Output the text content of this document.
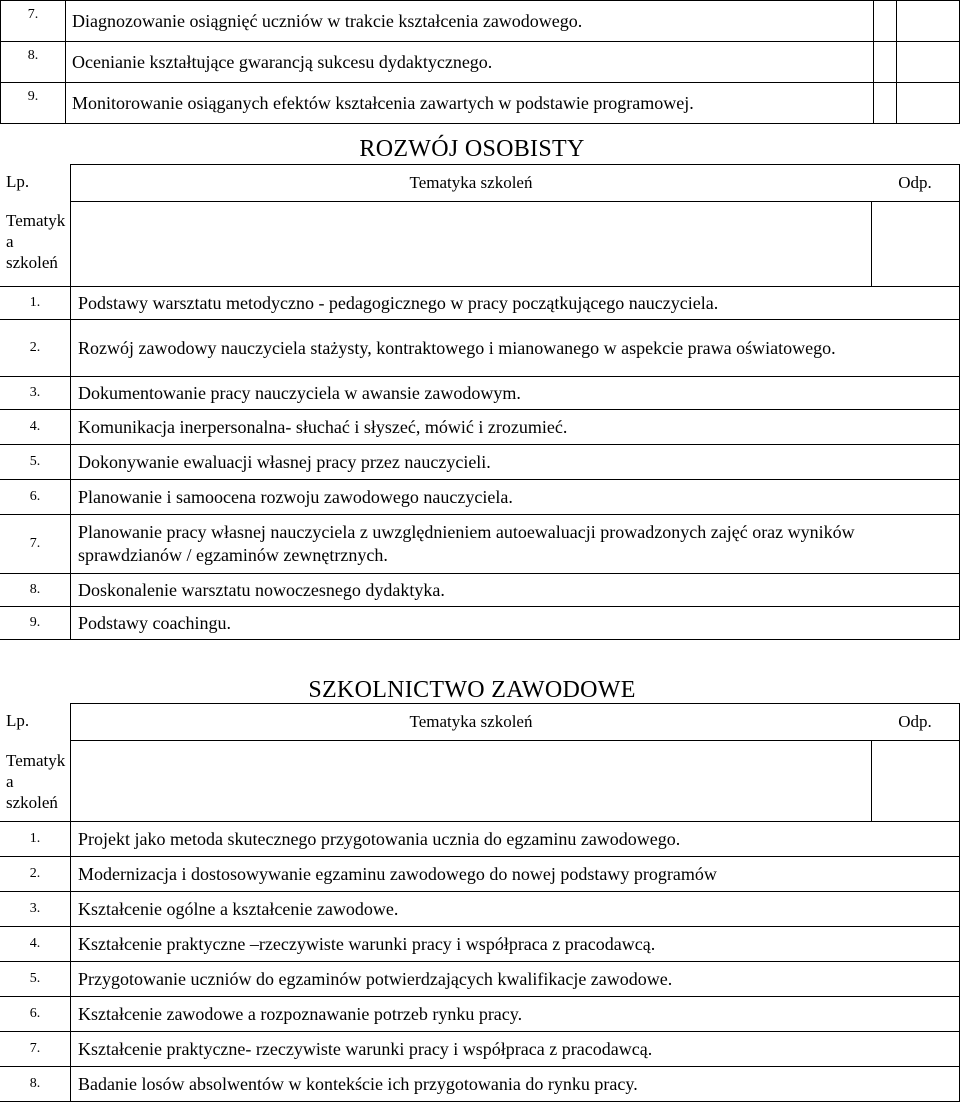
7.	Diagnozowanie osiągnięć uczniów w trakcie kształcenia zawodowego.		
8.	Ocenianie kształtujące gwarancją sukcesu dydaktycznego.		
9.	Monitorowanie osiąganych efektów kształcenia zawartych w podstawie programowej.		
ROZWÓJ OSOBISTY
Lp.
Tematyk
a
szkoleń
	Tematyka szkoleń	Odp.

1.	Podstawy warsztatu metodyczno - pedagogicznego w pracy początkującego nauczyciela.	
2.	Rozwój zawodowy nauczyciela stażysty, kontraktowego i mianowanego w aspekcie prawa oświatowego.	
3.	Dokumentowanie pracy nauczyciela w awansie zawodowym.	
4.	Komunikacja inerpersonalna- słuchać i słyszeć, mówić i zrozumieć.	
5.	Dokonywanie ewaluacji własnej pracy przez nauczycieli.	
6.	Planowanie i samoocena rozwoju zawodowego nauczyciela.	
7.	Planowanie pracy własnej nauczyciela z uwzględnieniem autoewaluacji prowadzonych zajęć oraz wyników sprawdzianów / egzaminów zewnętrznych.	
8.	Doskonalenie warsztatu nowoczesnego dydaktyka.	
9.	Podstawy coachingu.	
SZKOLNICTWO ZAWODOWE
Lp.
Tematyk
a
szkoleń
	Tematyka szkoleń	Odp.

1.	Projekt jako metoda skutecznego przygotowania ucznia do egzaminu zawodowego.	
2.	Modernizacja i dostosowywanie egzaminu zawodowego do nowej podstawy programów	
3.	Kształcenie ogólne a kształcenie zawodowe.	
4.	Kształcenie praktyczne –rzeczywiste warunki pracy i współpraca z pracodawcą.	
5.	Przygotowanie uczniów do egzaminów potwierdzających kwalifikacje zawodowe.	
6.	Kształcenie zawodowe a rozpoznawanie potrzeb rynku pracy.	
7.	Kształcenie praktyczne- rzeczywiste warunki pracy i współpraca z pracodawcą.	
8.	Badanie losów absolwentów w kontekście ich przygotowania do rynku pracy.	
